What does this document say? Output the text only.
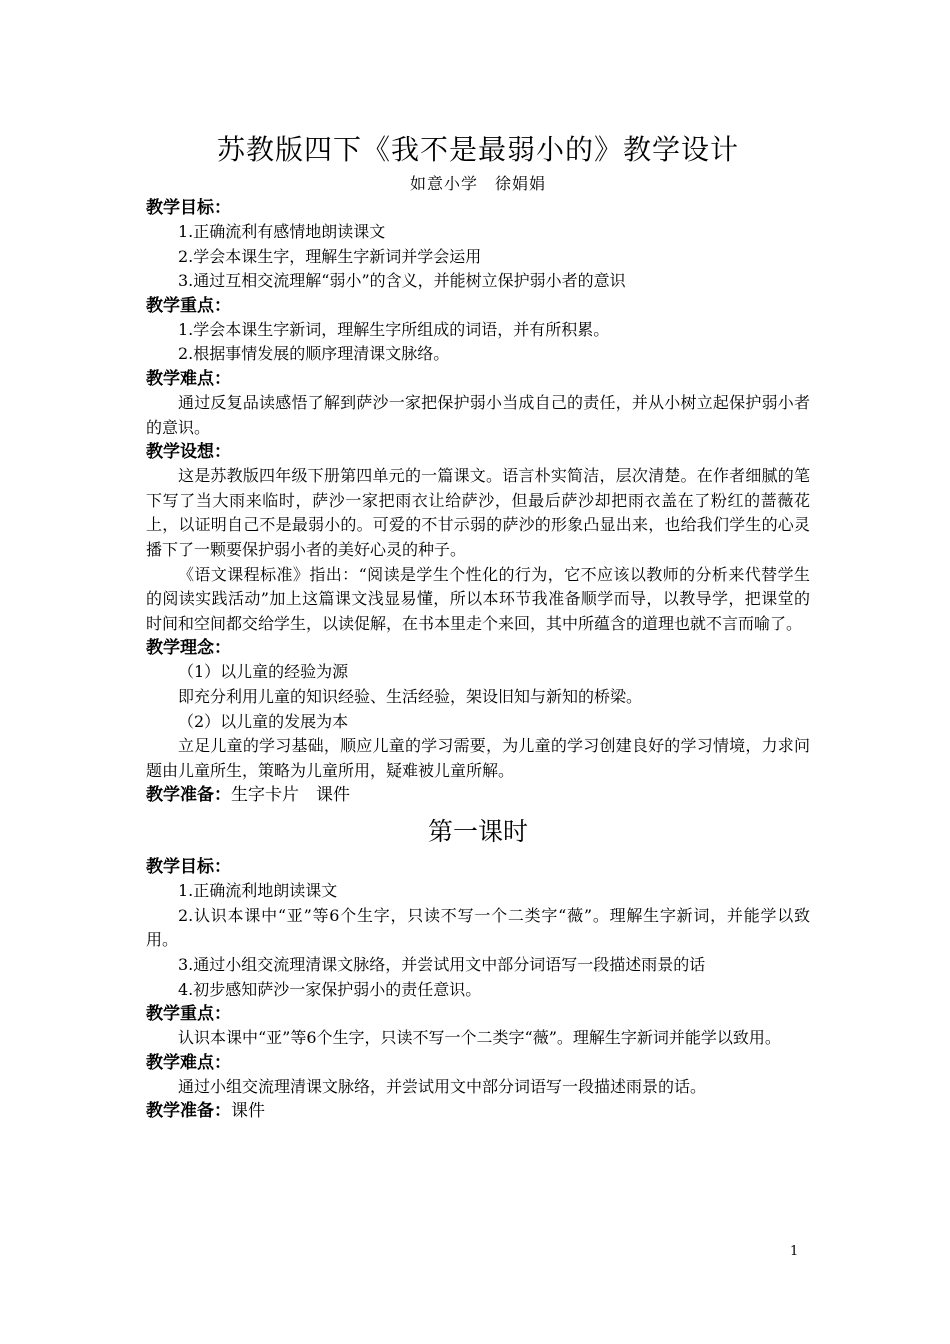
苏教版四下《我不是最弱小的》教学设计
如意小学　徐娟娟
教学目标：

1.正确流利有感情地朗读课文

2.学会本课生字，理解生字新词并学会运用

3.通过互相交流理解“弱小”的含义，并能树立保护弱小者的意识

教学重点：

1.学会本课生字新词，理解生字所组成的词语，并有所积累。

2.根据事情发展的顺序理清课文脉络。

教学难点：

通过反复品读感悟了解到萨沙一家把保护弱小当成自己的责任，并从小树立起保护弱小者的意识。

教学设想：

这是苏教版四年级下册第四单元的一篇课文。语言朴实简洁，层次清楚。在作者细腻的笔下写了当大雨来临时，萨沙一家把雨衣让给萨沙，但最后萨沙却把雨衣盖在了粉红的蔷薇花上，以证明自己不是最弱小的。可爱的不甘示弱的萨沙的形象凸显出来，也给我们学生的心灵播下了一颗要保护弱小者的美好心灵的种子。

《语文课程标准》指出：“阅读是学生个性化的行为，它不应该以教师的分析来代替学生的阅读实践活动”加上这篇课文浅显易懂，所以本环节我准备顺学而导，以教导学，把课堂的时间和空间都交给学生，以读促解，在书本里走个来回，其中所蕴含的道理也就不言而喻了。

教学理念：

（1）以儿童的经验为源

即充分利用儿童的知识经验、生活经验，架设旧知与新知的桥梁。

（2）以儿童的发展为本

立足儿童的学习基础，顺应儿童的学习需要，为儿童的学习创建良好的学习情境，力求问题由儿童所生，策略为儿童所用，疑难被儿童所解。

教学准备：生字卡片　课件
第一课时
教学目标：

1.正确流利地朗读课文

2.认识本课中“亚”等6个生字，只读不写一个二类字“薇”。理解生字新词，并能学以致用。

3.通过小组交流理清课文脉络，并尝试用文中部分词语写一段描述雨景的话

4.初步感知萨沙一家保护弱小的责任意识。

教学重点：

认识本课中“亚”等6个生字，只读不写一个二类字“薇”。理解生字新词并能学以致用。

教学难点：

通过小组交流理清课文脉络，并尝试用文中部分词语写一段描述雨景的话。

教学准备：课件
1
